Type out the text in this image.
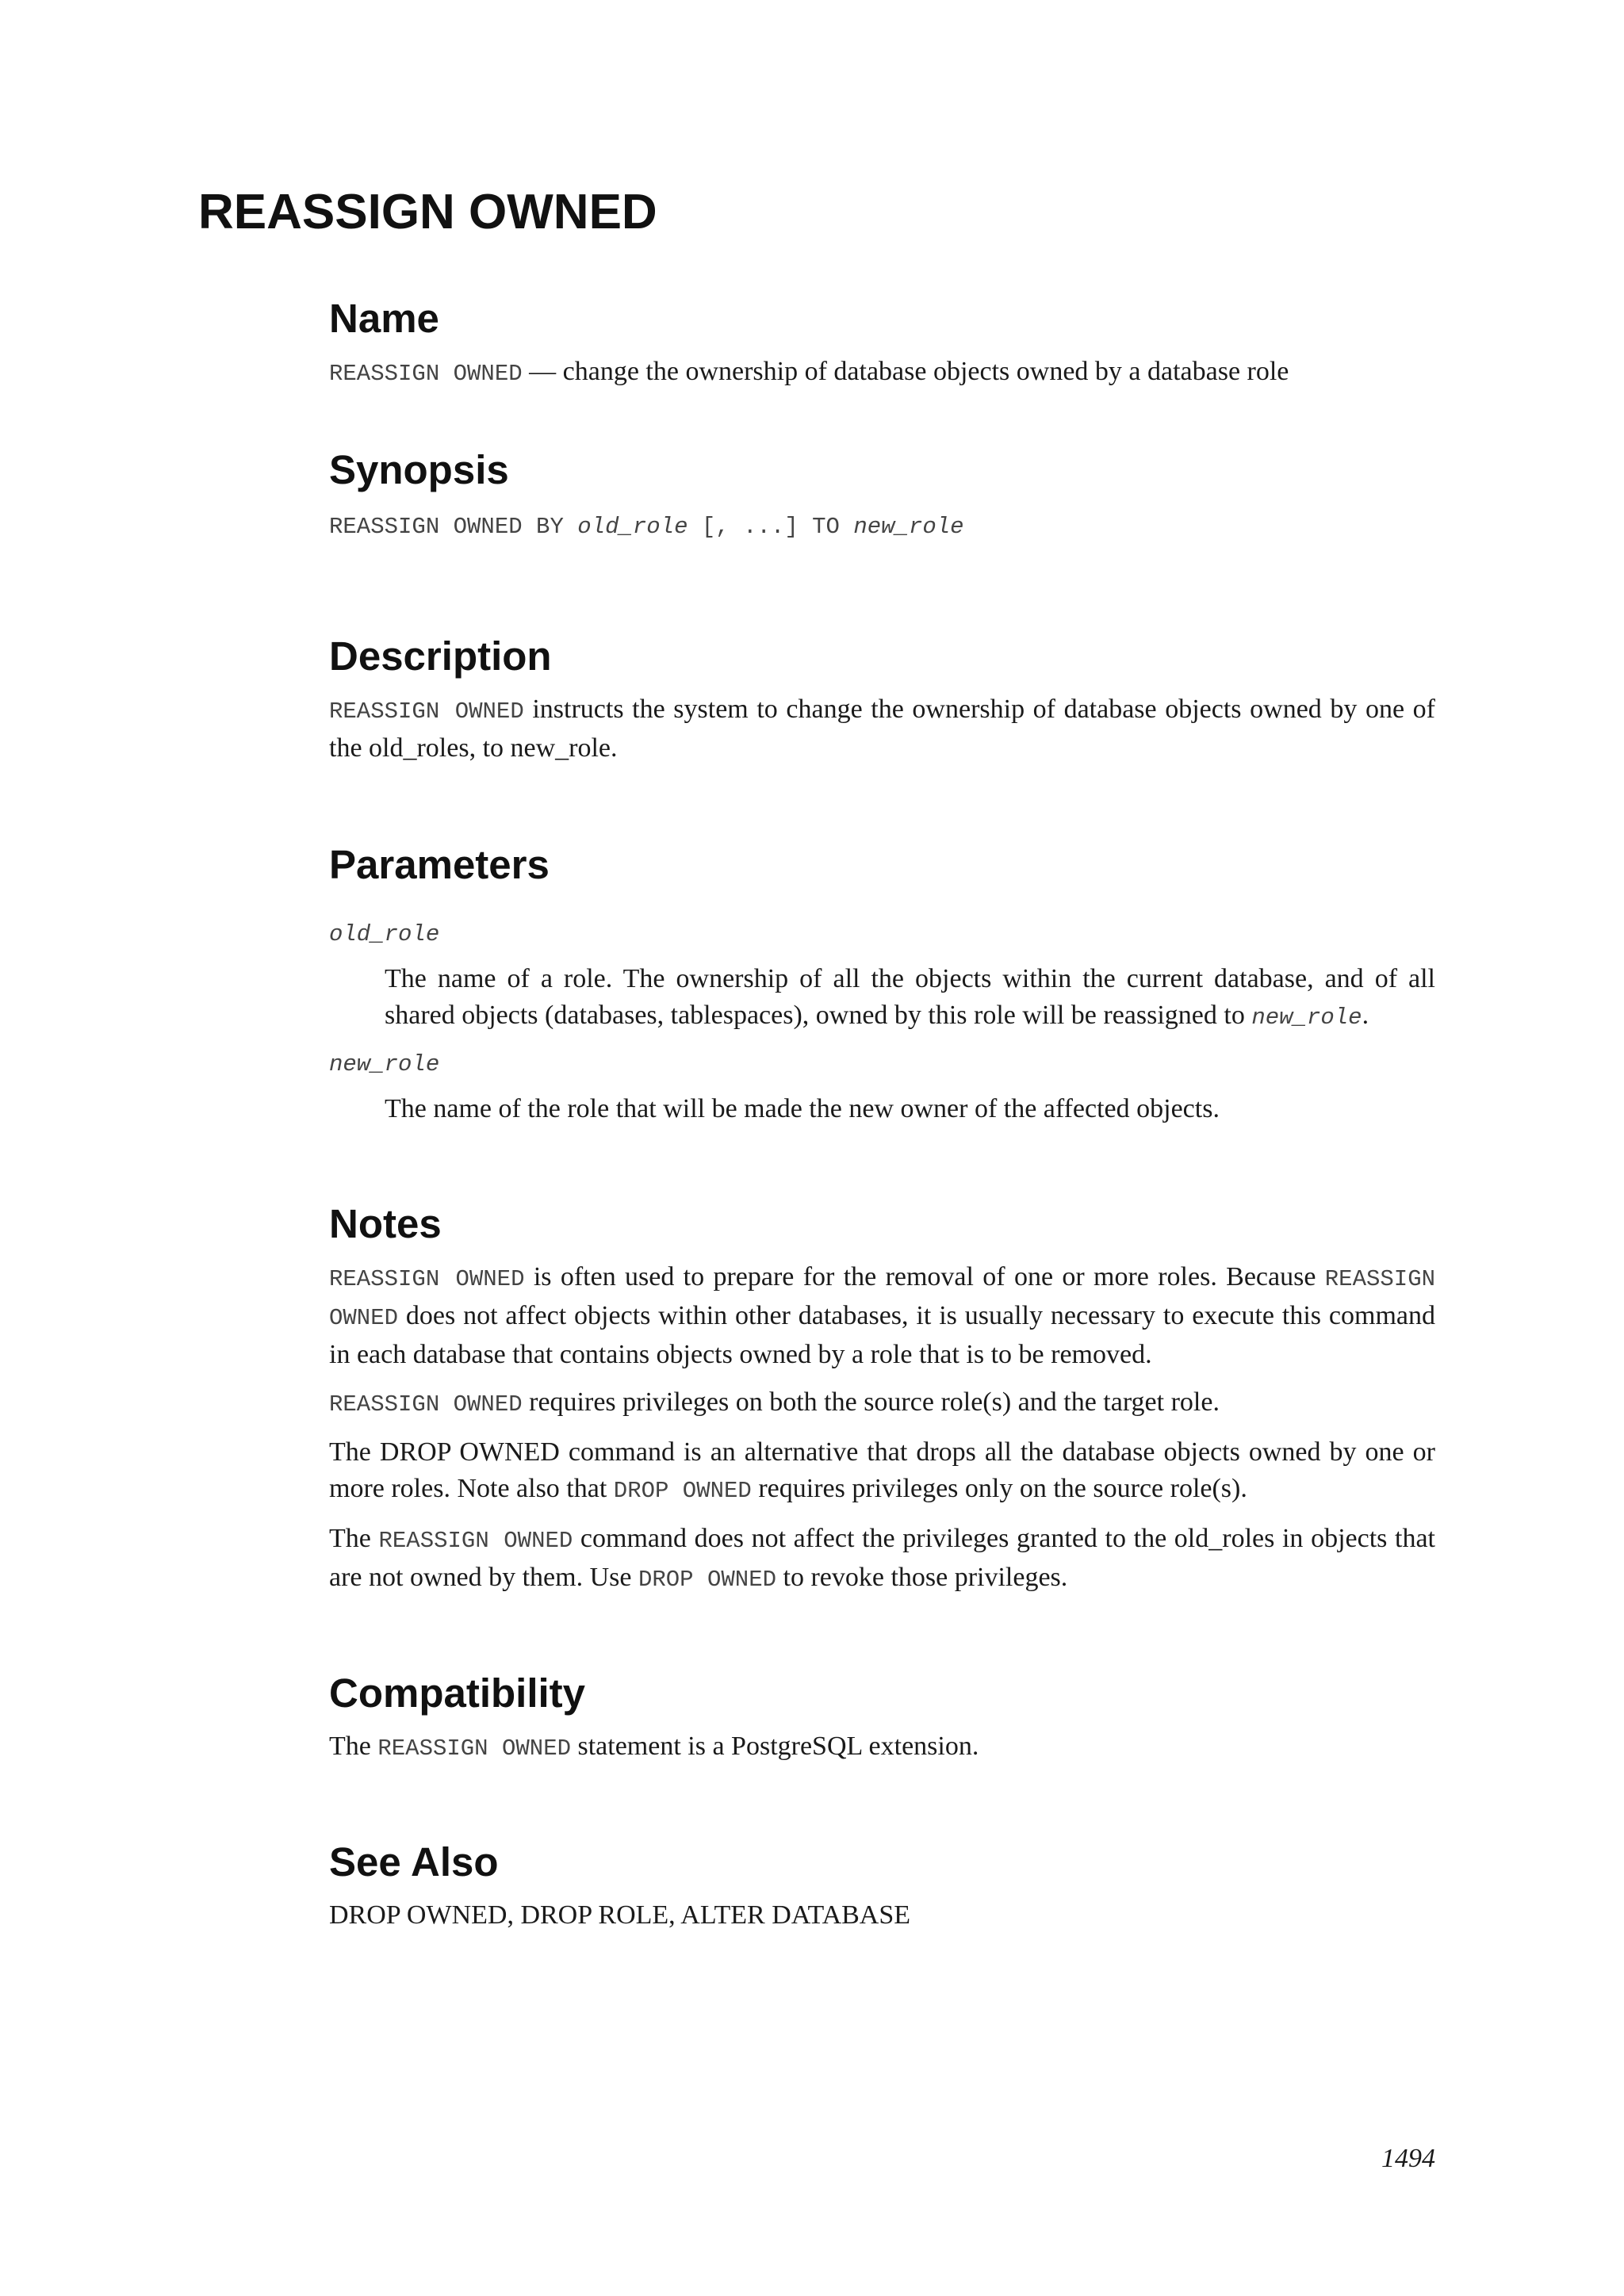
REASSIGN OWNED
Name

REASSIGN OWNED — change the ownership of database objects owned by a database role

Synopsis

REASSIGN OWNED BY old_role [, ...] TO new_role

Description

REASSIGN OWNED instructs the system to change the ownership of database objects owned by one of the old_roles, to new_role.

Parameters
old_role

The name of a role. The ownership of all the objects within the current database, and of all shared objects (databases, tablespaces), owned by this role will be reassigned to new_role.

new_role

The name of the role that will be made the new owner of the affected objects.

Notes

REASSIGN OWNED is often used to prepare for the removal of one or more roles. Because REASSIGN OWNED does not affect objects within other databases, it is usually necessary to execute this command in each database that contains objects owned by a role that is to be removed.

REASSIGN OWNED requires privileges on both the source role(s) and the target role.

The DROP OWNED command is an alternative that drops all the database objects owned by one or more roles. Note also that DROP OWNED requires privileges only on the source role(s).

The REASSIGN OWNED command does not affect the privileges granted to the old_roles in objects that are not owned by them. Use DROP OWNED to revoke those privileges.

Compatibility

The REASSIGN OWNED statement is a PostgreSQL extension.

See Also

DROP OWNED, DROP ROLE, ALTER DATABASE

1494
